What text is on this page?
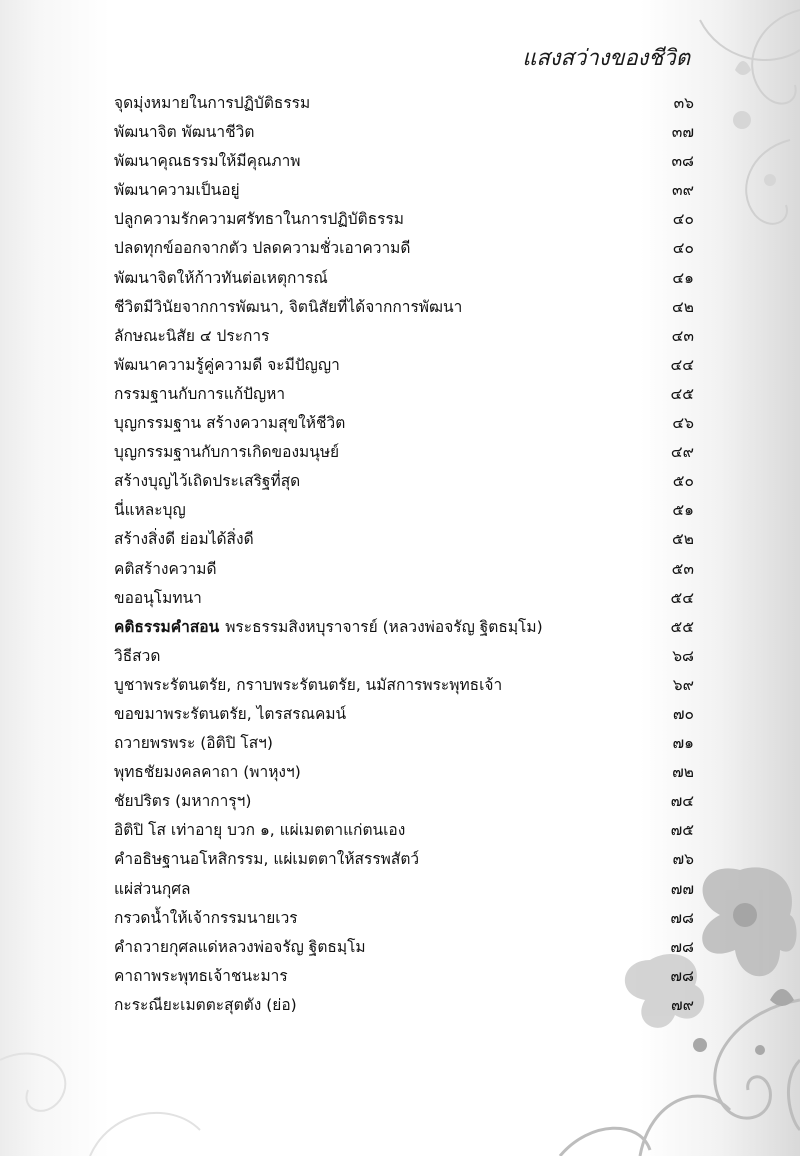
แสงสว่างของชีวิต
จุดมุ่งหมายในการปฏิบัติธรรม	๓๖
พัฒนาจิต พัฒนาชีวิต	๓๗
พัฒนาคุณธรรมให้มีคุณภาพ	๓๘
พัฒนาความเป็นอยู่	๓๙
ปลูกความรักความศรัทธาในการปฏิบัติธรรม	๔๐
ปลดทุกข์ออกจากตัว ปลดความชั่วเอาความดี	๔๐
พัฒนาจิตให้ก้าวทันต่อเหตุการณ์	๔๑
ชีวิตมีวินัยจากการพัฒนา, จิตนิสัยที่ได้จากการพัฒนา	๔๒
ลักษณะนิสัย ๔ ประการ	๔๓
พัฒนาความรู้คู่ความดี จะมีปัญญา	๔๔
กรรมฐานกับการแก้ปัญหา	๔๕
บุญกรรมฐาน สร้างความสุขให้ชีวิต	๔๖
บุญกรรมฐานกับการเกิดของมนุษย์	๔๙
สร้างบุญไว้เถิดประเสริฐที่สุด	๕๐
นี่แหละบุญ	๕๑
สร้างสิ่งดี ย่อมได้สิ่งดี	๕๒
คติสร้างความดี	๕๓
ขออนุโมทนา	๕๔
คติธรรมคำสอน พระธรรมสิงหบุราจารย์ (หลวงพ่อจรัญ ฐิตธมฺโม)	๕๕
วิธีสวด	๖๘
บูชาพระรัตนตรัย, กราบพระรัตนตรัย, นมัสการพระพุทธเจ้า	๖๙
ขอขมาพระรัตนตรัย, ไตรสรณคมน์	๗๐
ถวายพรพระ (อิติปิ โสฯ)	๗๑
พุทธชัยมงคลคาถา (พาหุงฯ)	๗๒
ชัยปริตร (มหาการุฯ)	๗๔
อิติปิ โส เท่าอายุ บวก ๑, แผ่เมตตาแก่ตนเอง	๗๕
คำอธิษฐานอโหสิกรรม, แผ่เมตตาให้สรรพสัตว์	๗๖
แผ่ส่วนกุศล	๗๗
กรวดน้ำให้เจ้ากรรมนายเวร	๗๘
คำถวายกุศลแด่หลวงพ่อจรัญ ฐิตธมฺโม	๗๘
คาถาพระพุทธเจ้าชนะมาร	๗๘
กะระณียะเมตตะสุตตัง (ย่อ)	๗๙
